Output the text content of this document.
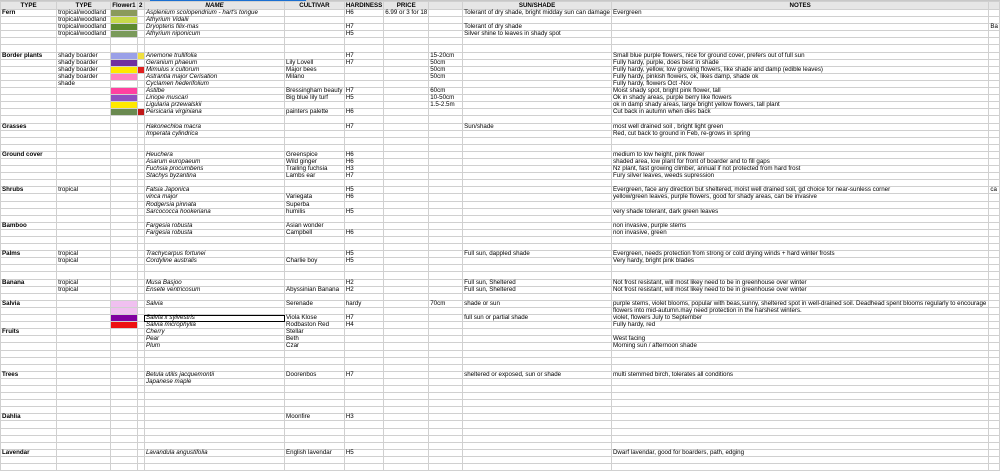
TYPE	TYPE	Flower1	2	NAME	CULTIVAR	HARDINESS	PRICE		SUN/SHADE	NOTES	
Fern	tropical/woodland			Asplenium scolopendrium - hart's tongue		H6	6.99 or 3 for 18		Tolerant of dry shade, bright midday sun can damage	Evergreen	
	tropical/woodland			Athyrium Vidalii							
	tropical/woodland			Dryopteris filix-mas		H7			Tolerant of dry shade		Ba
	tropical/woodland			Athyrium niponicum		H5			Silver shine to leaves in shady spot		

Border plants	shady boarder			Anemone trullifolia		H7		15-20cm		Small blue purple flowers, nice for ground cover, prefers out of full sun	
	shady boarder			Geranium phaeum	Lily Lovell	H7		50cm		Fully hardy, purple, does best in shade	
	shady boarder			Mimulus x cultorum	Major bees			50cm		Fully hardy, yellow, low growing flowers, like shade and damp (edible leaves)	
	shady boarder			Astrantia major Cerisation	Milano			50cm		Fully hardy, pinkish flowers, ok, likes damp, shade ok	
	shade			Cyclamen hederifolium						Fully hardy, flowers Oct -Nov	
				Astilbe	Bressingham beauty	H7		60cm		Moist shady spot, bright pink flower, tall	
				Liriope muscari	Big blue lily turf	H5		10-50cm		Ok in shady areas, purple berry like flowers	
				Ligularia przewalskii				1.5-2.5m		ok in damp shady areas, large bright yellow flowers, tall plant	
				Persicaria virginiana	painters palette	H6				Cut back in autumn when dies back	

Grasses				Hakonechloa macra		H7			Sun/shade	most well drained soil , bright light green	
				Imperata cylindrica						Red, cut back to ground in Feb, re-grows in spring	

Ground cover				Heuchera	Greenspice	H6				medium to low height, pink flower	
				Asarum europaeum	Wild ginger	H6				shaded area, low plant for front of boarder and to fill gaps	
				Fuchsia procumbens	Trailing fuchsia	H3				Nz plant, fast growing climber, annual if not protected from hard frost	
				Stachys byzantina	Lambs ear	H7				Fury silver leaves, weeds supression	

Shrubs	tropical			Fatsia Japonica		H5				Evergreen, face any direction but sheltered, moist well drained soil, gd choice for near-sunless corner	ca
				vinca major	Variegata	H6				yellow/green leaves, purple flowers, good for shady areas, can be invasive	
				Rodgersia pinnata	Superba						
				Sarcococca hookeriana	humilis	H5				very shade tolerant, dark green leaves	

Bamboo				Fargesia robusta	Asian wonder					non invasive, purple stems	
				Fargesia robusta	Campbell	H6				non invasive, green	

Palms	tropical			Trachycarpus fortunei		H5			Full sun, dappled shade	Evergreen, needs protection from strong or cold drying winds + hard winter frosts	
	tropical			Cordyline australis	Charlie boy	H5				Very hardy, bright pink blades	

Banana	tropical			Musa Basjoo		H2			Full sun, Sheltered	Not frost resistant, will most likey need to be in greenhouse over winter	
	tropical			Ensete ventricosum	Abyssinian Banana	H2			Full sun, Sheltered	Not frost resistant, will most likey need to be in greenhouse over winter	

Salvia				Salvia	Serenade	hardy		70cm	shade or sun	purple stems, violet blooms, popular with beas,sunny, sheltered spot in well-drained soil. Deadhead spent blooms regularly to encourage	
										flowers into mid-autumn.may need protection in the harshest winters.	
				Salvia x sylvestris	Viola Klose	H7			full sun or partial shade	violet, flowers July to September	
				Salvia microphylla	Rodbaston Red	H4				Fully hardy, red	
Fruits				Cherry	Stellar						
				Pear	Beth					West facing	
				Plum	Czar					Morning sun / afternoon shade	

Trees				Betula utilis jacquemontii	Doorenbos	H7			sheltered or exposed, sun or shade	multi stemmed birch, tolerates all conditions	
				Japanese maple							

Dahlia					Moonfire	H3					

Lavendar				Lavandula angustifolia	English lavendar	H5				Dwarf lavendar, good for boarders, path, edging	
